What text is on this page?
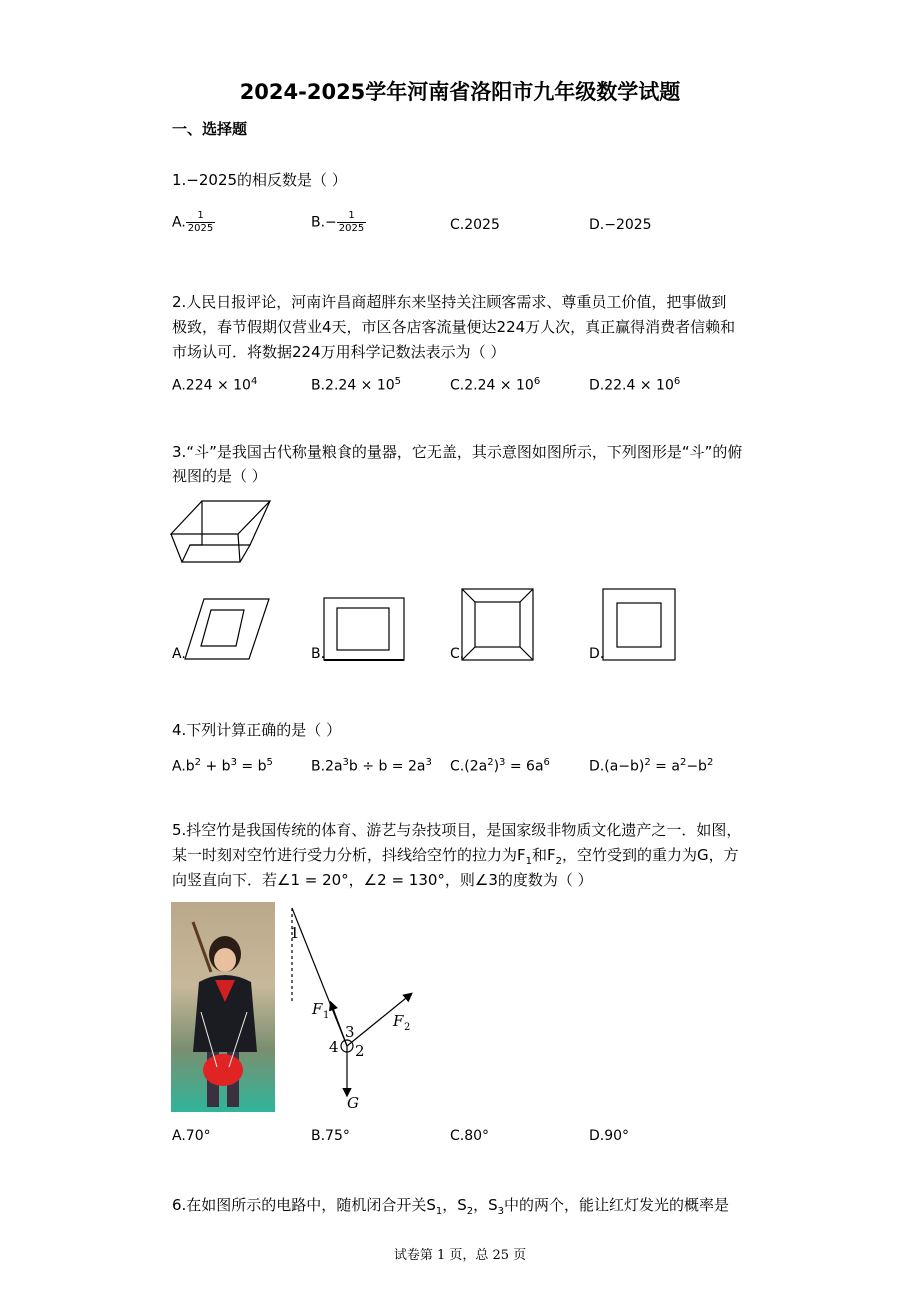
2024-2025学年河南省洛阳市九年级数学试题
一、选择题
1.−2025的相反数是（ ）
A. $\frac{1}{2025}$	$B.- \frac{1}{2025}$	C.2025	D.−2025
2.人民日报评论，河南许昌商超胖东来坚持关注顾客需求、尊重员工价值，把事做到
极致，春节假期仅营业4天，市区各店客流量便达224万人次，真正赢得消费者信赖和
市场认可．将数据224万用科学记数法表示为（ ）
$A.224 \times 10^4$	$B.2.24 \times 10^5$	$C.2.24 \times 10^6$	$D.22.4 \times 10^6$
3.“斗”是我国古代称量粮食的量器，它无盖，其示意图如图所示，下列图形是“斗”的俯
视图的是（ ）
A.	B.	C.	D.
4.下列计算正确的是（ ）
$A.b^2 + b^3 = b^5$	$B.2a^3b \div b = 2a^3$ $C.(2a^2)^3 = 6a^6$	$D.(a-b)^2 = a^2-b^2$
5.抖空竹是我国传统的体育、游艺与杂技项目，是国家级非物质文化遗产之一．如图，
某一时刻对空竹进行受力分析，抖线给空竹的拉力为$F_1$和$F_2$，空竹受到的重力为G，方
向竖直向下．若∠1 = 20°，∠2 = 130°，则∠3的度数为（ ）
1
F 1
3
4 2
F 2
G
A.70°	B.75°	C.80°	D.90°
6.在如图所示的电路中，随机闭合开关$S_1$，$S_2$，$S_3$中的两个，能让红灯发光的概率是
试卷第 1 页，总 25 页
